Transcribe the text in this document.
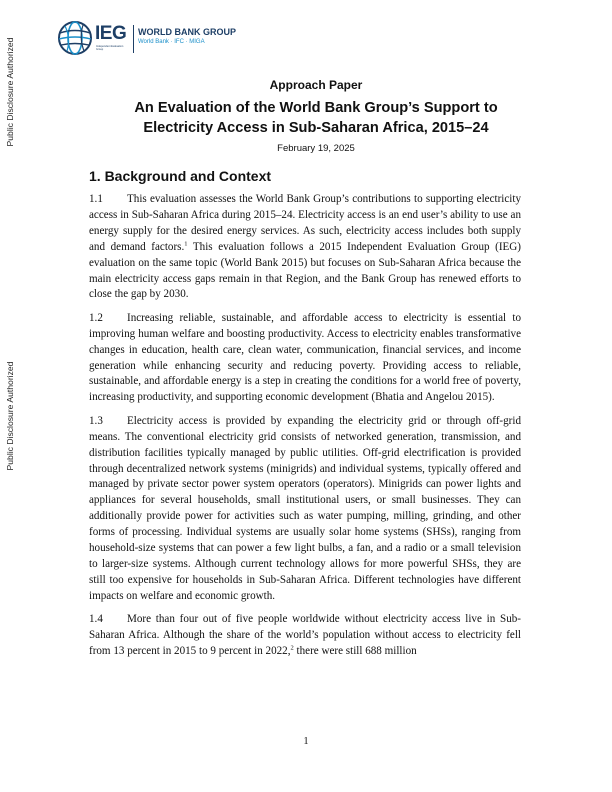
Public Disclosure Authorized
Public Disclosure Authorized
IEG
Independent Evaluation Group
WORLD BANK GROUP
World Bank · IFC · MIGA
Approach Paper
An Evaluation of the World Bank Group’s Support to
Electricity Access in Sub-Saharan Africa, 2015–24
February 19, 2025
1. Background and Context

1.1 This evaluation assesses the World Bank Group’s contributions to supporting electricity access in Sub-Saharan Africa during 2015–24. Electricity access is an end user’s ability to use an energy supply for the desired energy services. As such, electricity access includes both supply and demand factors.$^1$ This evaluation follows a 2015 Independent Evaluation Group (IEG) evaluation on the same topic (World Bank 2015) but focuses on Sub-Saharan Africa because the main electricity access gaps remain in that Region, and the Bank Group has renewed efforts to close the gap by 2030.

1.2 Increasing reliable, sustainable, and affordable access to electricity is essential to improving human welfare and boosting productivity. Access to electricity enables transformative changes in education, health care, clean water, communication, financial services, and income generation while enhancing security and reducing poverty. Providing access to reliable, sustainable, and affordable energy is a step in creating the conditions for a world free of poverty, increasing productivity, and supporting economic development (Bhatia and Angelou 2015).

1.3 Electricity access is provided by expanding the electricity grid or through off-grid means. The conventional electricity grid consists of networked generation, transmission, and distribution facilities typically managed by public utilities. Off-grid electrification is provided through decentralized network systems (minigrids) and individual systems, typically offered and managed by private sector power system operators (operators). Minigrids can power lights and appliances for several households, small institutional users, or small businesses. They can additionally provide power for activities such as water pumping, milling, grinding, and other forms of processing. Individual systems are usually solar home systems (SHSs), ranging from household-size systems that can power a few light bulbs, a fan, and a radio or a small television to larger-size systems. Although current technology allows for more powerful SHSs, they are still too expensive for households in Sub-Saharan Africa. Different technologies have different impacts on welfare and economic growth.

1.4 More than four out of five people worldwide without electricity access live in Sub-Saharan Africa. Although the share of the world’s population without access to electricity fell from 13 percent in 2015 to 9 percent in 2022,$^2$ there were still 688 million

1
